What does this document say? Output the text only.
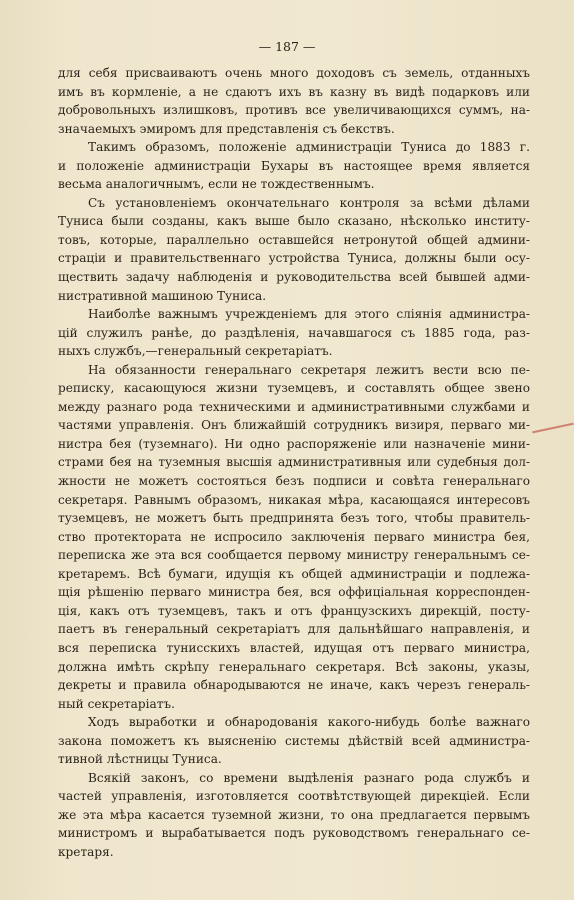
— 187 —
для себя присваиваютъ очень много доходовъ съ земель, отданныхъ
имъ въ кормленіе, а не сдаютъ ихъ въ казну въ видѣ подарковъ или
добровольныхъ излишковъ, противъ все увеличивающихся суммъ, на-
значаемыхъ эмиромъ для представленія съ бекствъ.
Такимъ образомъ, положеніе администраціи Туниса до 1883 г.
и положеніе администраціи Бухары въ настоящее время является
весьма аналогичнымъ, если не тождественнымъ.
Съ установленіемъ окончательнаго контроля за всѣми дѣлами
Туниса были созданы, какъ выше было сказано, нѣсколько институ-
товъ, которые, параллельно оставшейся нетронутой общей админи-
страціи и правительственнаго устройства Туниса, должны были осу-
ществить задачу наблюденія и руководительства всей бывшей адми-
нистративной машиною Туниса.
Наиболѣе важнымъ учрежденіемъ для этого сліянія администра-
цій служилъ ранѣе, до раздѣленія, начавшагося съ 1885 года, раз-
ныхъ службъ,—генеральный секретаріатъ.
На обязанности генеральнаго секретаря лежитъ вести всю пе-
реписку, касающуюся жизни туземцевъ, и составлять общее звено
между разнаго рода техническими и административными службами и
частями управленія. Онъ ближайшій сотрудникъ визиря, перваго ми-
нистра бея (туземнаго). Ни одно распоряженіе или назначеніе мини-
страми бея на туземныя высшія административныя или судебныя дол-
жности не можетъ состояться безъ подписи и совѣта генеральнаго
секретаря. Равнымъ образомъ, никакая мѣра, касающаяся интересовъ
туземцевъ, не можетъ быть предпринята безъ того, чтобы правитель-
ство протектората не испросило заключенія перваго министра бея,
переписка же эта вся сообщается первому министру генеральнымъ се-
кретаремъ. Всѣ бумаги, идущія къ общей администраціи и подлежа-
щія рѣшенію перваго министра бея, вся оффиціальная корреспонден-
ція, какъ отъ туземцевъ, такъ и отъ французскихъ дирекцій, посту-
паетъ въ генеральный секретаріатъ для дальнѣйшаго направленія, и
вся переписка тунисскихъ властей, идущая отъ перваго министра,
должна имѣть скрѣпу генеральнаго секретаря. Всѣ законы, указы,
декреты и правила обнародываются не иначе, какъ черезъ генераль-
ный секретаріатъ.
Ходъ выработки и обнародованія какого-нибудь болѣе важнаго
закона поможетъ къ выясненію системы дѣйствій всей администра-
тивной лѣстницы Туниса.
Всякій законъ, со времени выдѣленія разнаго рода службъ и
частей управленія, изготовляется соотвѣтствующей дирекціей. Если
же эта мѣра касается туземной жизни, то она предлагается первымъ
министромъ и вырабатывается подъ руководствомъ генеральнаго се-
кретаря.
